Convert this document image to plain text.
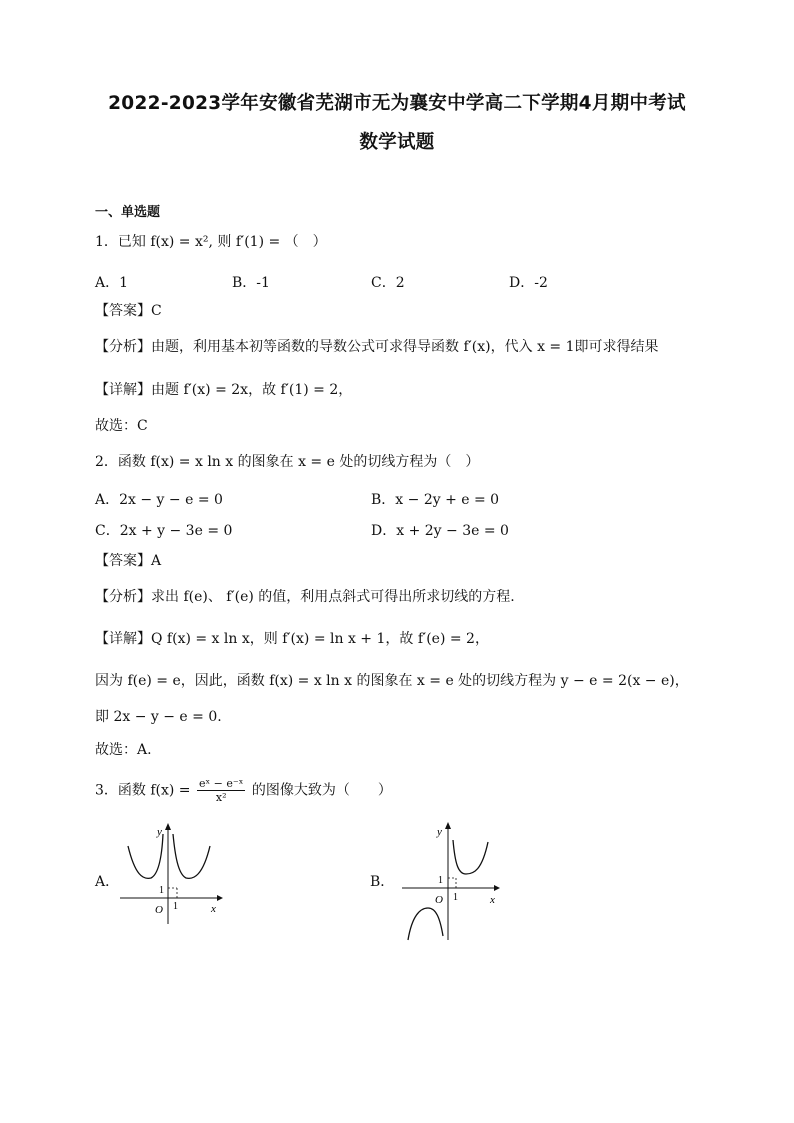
2022-2023学年安徽省芜湖市无为襄安中学高二下学期4月期中考试
数学试题
一、单选题
1．已知 f(x) = x², 则 f′(1) = （　）
A．1	B．-1	C．2	D．-2
【答案】C
【分析】由题，利用基本初等函数的导数公式可求得导函数 f′(x)，代入 x = 1即可求得结果
【详解】由题 f′(x) = 2x，故 f′(1) = 2，
故选：C
2．函数 f(x) = x ln x 的图象在 x = e 处的切线方程为（　）
A．2x − y − e = 0	B．x − 2y + e = 0
C．2x + y − 3e = 0	D．x + 2y − 3e = 0
【答案】A
【分析】求出 f(e)、 f′(e) 的值，利用点斜式可得出所求切线的方程.
【详解】Q f(x) = x ln x，则 f′(x) = ln x + 1，故 f′(e) = 2，
因为 f(e) = e，因此，函数 f(x) = x ln x 的图象在 x = e 处的切线方程为 y − e = 2(x − e)，
即 2x − y − e = 0.
故选：A.
3．函数 $f(x) = \frac{\text{eˣ − e⁻ˣ}}{\text{x²}}$ 的图像大致为（　　）
A．	B．
y
x
O
1
1
y
x
O
1
1
